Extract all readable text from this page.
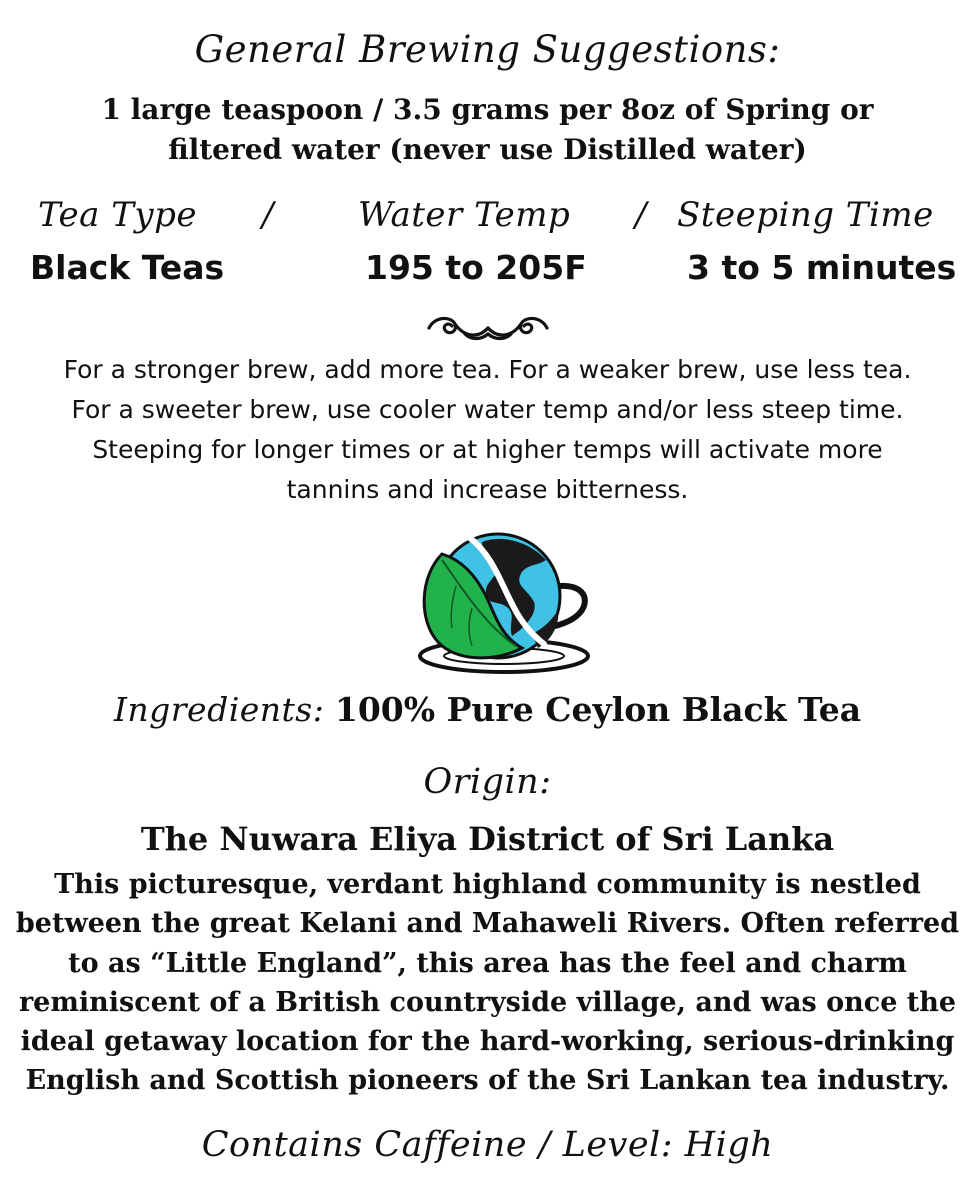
General Brewing Suggestions:
1 large teaspoon / 3.5 grams per 8oz of Spring or
filtered water (never use Distilled water)
Tea Type / Water Temp / Steeping Time
Black Teas	195 to 205F	3 to 5 minutes
For a stronger brew, add more tea. For a weaker brew, use less tea.
For a sweeter brew, use cooler water temp and/or less steep time.
Steeping for longer times or at higher temps will activate more
tannins and increase bitterness.
Ingredients: 100% Pure Ceylon Black Tea
Origin:
The Nuwara Eliya District of Sri Lanka
This picturesque, verdant highland community is nestled
between the great Kelani and Mahaweli Rivers. Often referred
to as “Little England”, this area has the feel and charm
reminiscent of a British countryside village, and was once the
ideal getaway location for the hard-working, serious-drinking
English and Scottish pioneers of the Sri Lankan tea industry.
Contains Caffeine / Level: High
